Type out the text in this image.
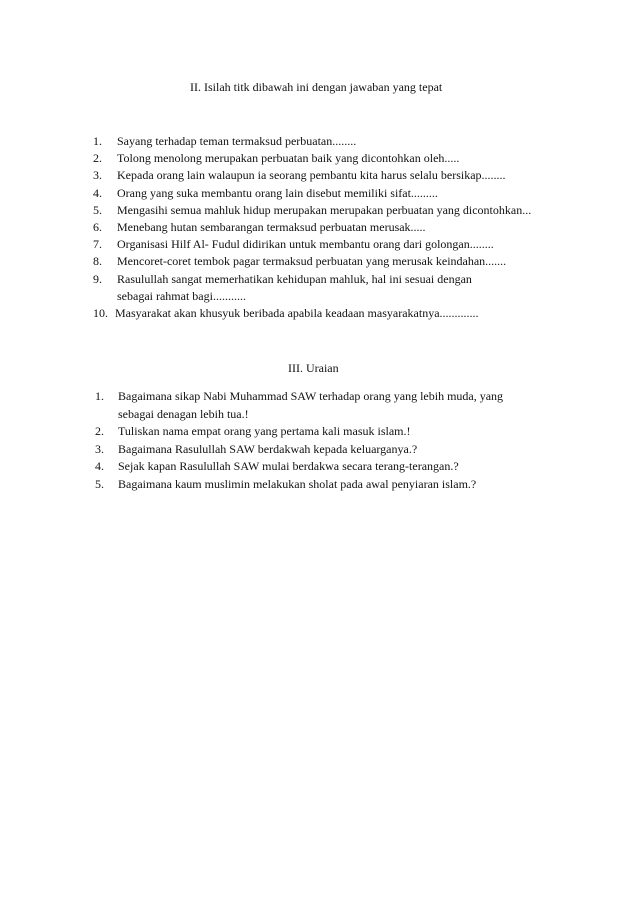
II. Isilah titk dibawah ini dengan jawaban yang tepat
1.	Sayang terhadap teman termaksud perbuatan........
2.	Tolong menolong merupakan perbuatan baik yang dicontohkan oleh.....
3.	Kepada orang lain walaupun ia seorang pembantu kita harus selalu bersikap........
4.	Orang yang suka membantu orang lain disebut memiliki sifat.........
5.	Mengasihi semua mahluk hidup merupakan merupakan perbuatan yang dicontohkan...
6.	Menebang hutan sembarangan termaksud perbuatan merusak.....
7.	Organisasi Hilf Al- Fudul didirikan untuk membantu orang dari golongan........
8.	Mencoret-coret tembok pagar termaksud perbuatan yang merusak keindahan.......
9.	Rasulullah sangat memerhatikan kehidupan mahluk, hal ini sesuai dengan
sebagai rahmat bagi...........
10. Masyarakat akan khusyuk beribada apabila keadaan masyarakatnya.............
III. Uraian
1.	Bagaimana sikap Nabi Muhammad SAW terhadap orang yang lebih muda, yang
sebagai denagan lebih tua.!
2.	Tuliskan nama empat orang yang pertama kali masuk islam.!
3.	Bagaimana Rasulullah SAW berdakwah kepada keluarganya.?
4.	Sejak kapan Rasulullah SAW mulai berdakwa secara terang-terangan.?
5.	Bagaimana kaum muslimin melakukan sholat pada awal penyiaran islam.?
